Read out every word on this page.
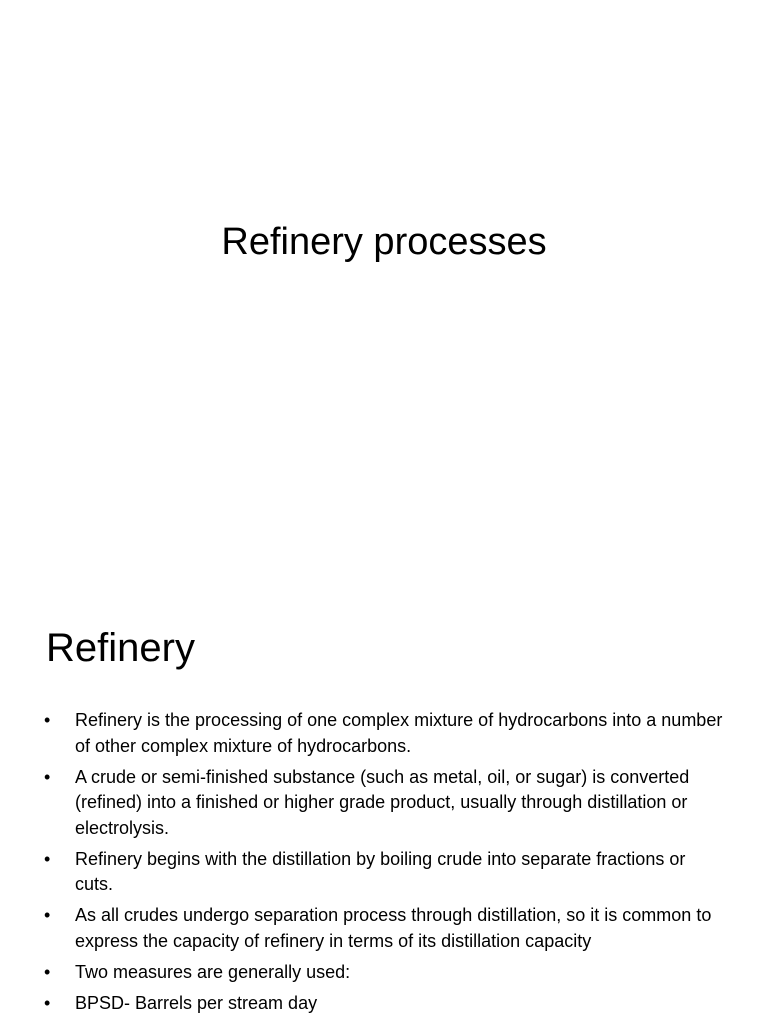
Refinery processes
Refinery
•	Refinery is the processing of one complex mixture of hydrocarbons into a number of other complex mixture of hydrocarbons.
•	A crude or semi-finished substance (such as metal, oil, or sugar) is converted (refined) into a finished or higher grade product, usually through distillation or electrolysis.
•	Refinery begins with the distillation by boiling crude into separate fractions or cuts.
•	As all crudes undergo separation process through distillation, so it is common to express the capacity of refinery in terms of its distillation capacity
•	Two measures are generally used:
•	BPSD- Barrels per stream day
